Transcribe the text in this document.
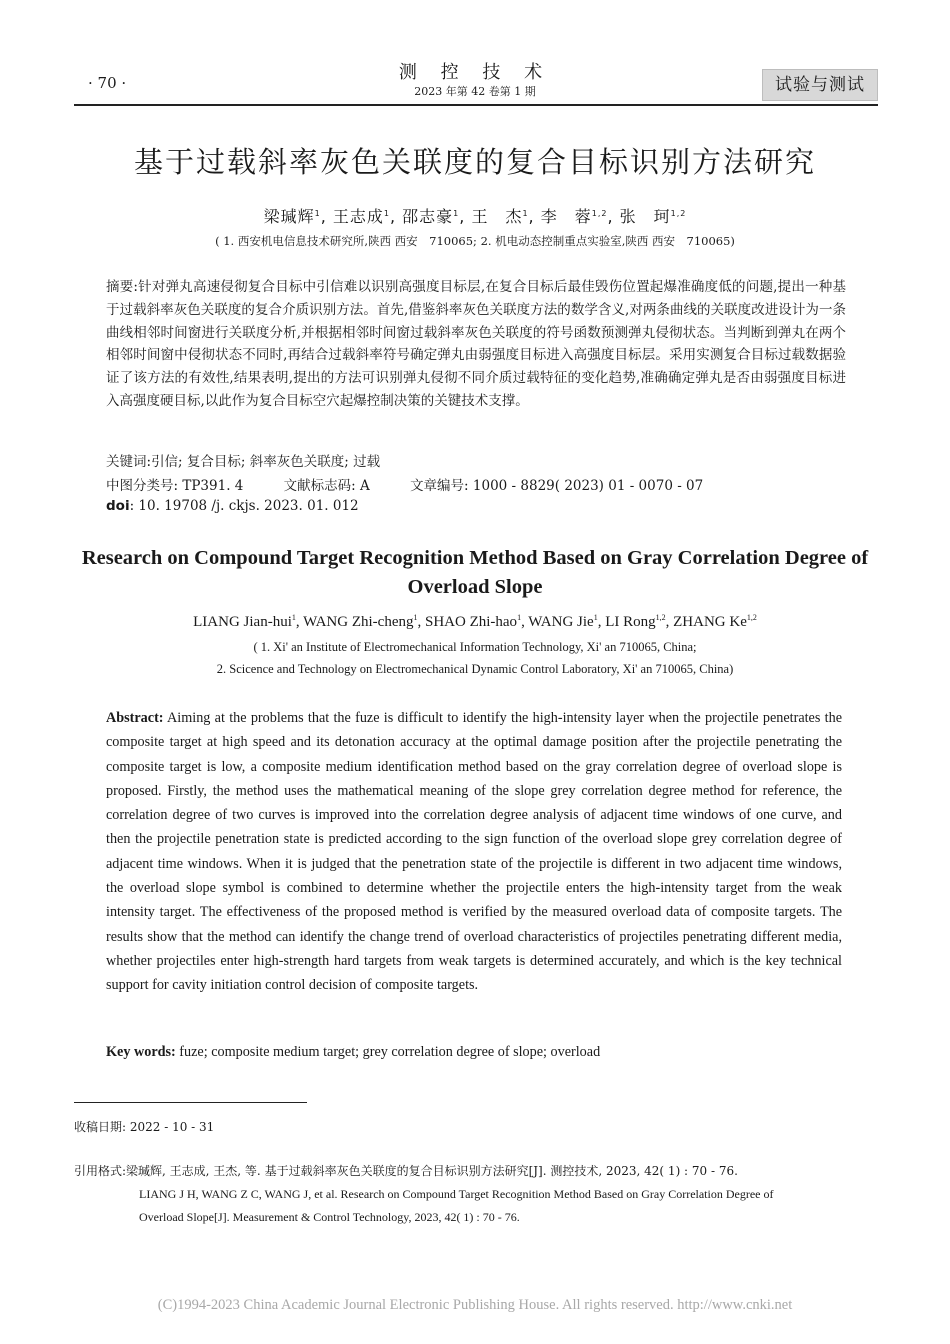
· 70 ·	测 控 技 术
2023 年第 42 卷第 1 期	试验与测试
基于过载斜率灰色关联度的复合目标识别方法研究
梁瑊辉$^1$, 王志成$^1$, 邵志豪$^1$, 王　杰$^1$, 李　蓉$^{1,2}$, 张　珂$^{1,2}$
( 1. 西安机电信息技术研究所,陕西 西安　710065; 2. 机电动态控制重点实验室,陕西 西安　710065)
摘要:针对弹丸高速侵彻复合目标中引信难以识别高强度目标层,在复合目标后最佳毁伤位置起爆准确度低的问题,提出一种基于过载斜率灰色关联度的复合介质识别方法。首先,借鉴斜率灰色关联度方法的数学含义,对两条曲线的关联度改进设计为一条曲线相邻时间窗进行关联度分析,并根据相邻时间窗过载斜率灰色关联度的符号函数预测弹丸侵彻状态。当判断到弹丸在两个相邻时间窗中侵彻状态不同时,再结合过载斜率符号确定弹丸由弱强度目标进入高强度目标层。采用实测复合目标过载数据验证了该方法的有效性,结果表明,提出的方法可识别弹丸侵彻不同介质过载特征的变化趋势,准确确定弹丸是否由弱强度目标进入高强度硬目标,以此作为复合目标空穴起爆控制决策的关键技术支撑。
关键词:引信; 复合目标; 斜率灰色关联度; 过载
中图分类号: TP391. 4	文献标志码: A	文章编号: 1000 - 8829( 2023) 01 - 0070 - 07
doi: 10. 19708 /j. ckjs. 2023. 01. 012
Research on Compound Target Recognition Method Based on Gray Correlation Degree of Overload Slope
LIANG Jian-hui$^1$, WANG Zhi-cheng$^1$, SHAO Zhi-hao$^1$, WANG Jie$^1$, LI Rong$^{1,2}$, ZHANG Ke$^{1,2}$
( 1. Xi' an Institute of Electromechanical Information Technology, Xi' an 710065, China;
2. Scicence and Technology on Electromechanical Dynamic Control Laboratory, Xi' an 710065, China)
Abstract: Aiming at the problems that the fuze is difficult to identify the high-intensity layer when the projectile penetrates the composite target at high speed and its detonation accuracy at the optimal damage position after the projectile penetrating the composite target is low, a composite medium identification method based on the gray correlation degree of overload slope is proposed. Firstly, the method uses the mathematical meaning of the slope grey correlation degree method for reference, the correlation degree of two curves is improved into the correlation degree analysis of adjacent time windows of one curve, and then the projectile penetration state is predicted according to the sign function of the overload slope grey correlation degree of adjacent time windows. When it is judged that the penetration state of the projectile is different in two adjacent time windows, the overload slope symbol is combined to determine whether the projectile enters the high-intensity target from the weak intensity target. The effectiveness of the proposed method is verified by the measured overload data of composite targets. The results show that the method can identify the change trend of overload characteristics of projectiles penetrating different media, whether projectiles enter high-strength hard targets from weak targets is determined accurately, and which is the key technical support for cavity initiation control decision of composite targets.
Key words: fuze; composite medium target; grey correlation degree of slope; overload
收稿日期: 2022 - 10 - 31
引用格式:梁瑊辉, 王志成, 王杰, 等. 基于过载斜率灰色关联度的复合目标识别方法研究[J]. 测控技术, 2023, 42( 1) : 70 - 76.
LIANG J H, WANG Z C, WANG J, et al. Research on Compound Target Recognition Method Based on Gray Correlation Degree of
Overload Slope[J]. Measurement & Control Technology, 2023, 42( 1) : 70 - 76.
(C)1994-2023 China Academic Journal Electronic Publishing House. All rights reserved. http://www.cnki.net
